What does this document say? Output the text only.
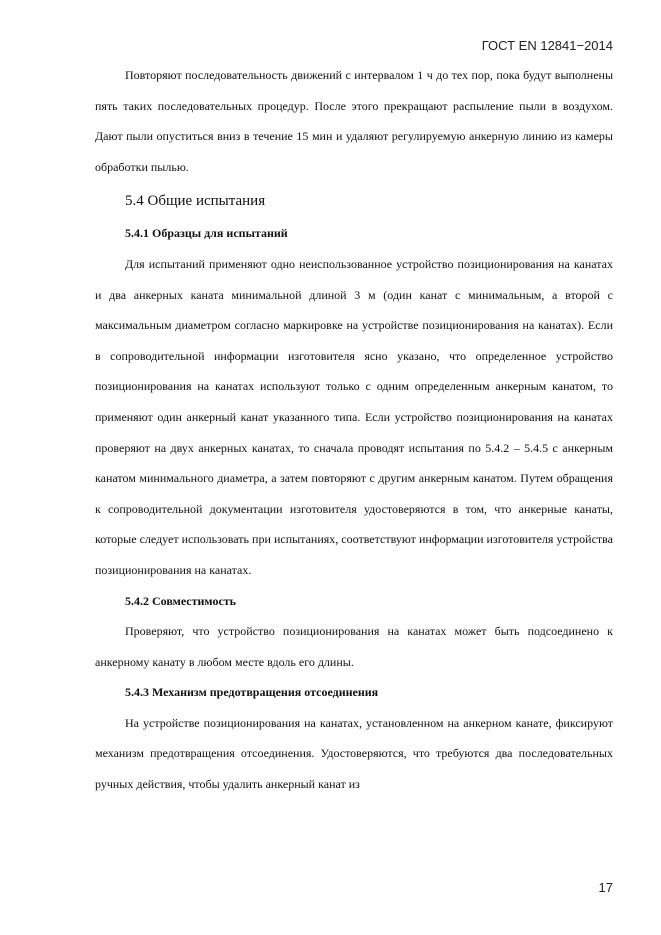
ГОСТ EN 12841−2014

Повторяют последовательность движений с интервалом 1 ч до тех пор, пока будут выполнены пять таких последовательных процедур. После этого прекращают распыление пыли в воздухом. Дают пыли опуститься вниз в течение 15 мин и удаляют регулируемую анкерную линию из камеры обработки пылью.

5.4 Общие испытания
5.4.1 Образцы для испытаний

Для испытаний применяют одно неиспользованное устройство позиционирования на канатах и два анкерных каната минимальной длиной 3 м (один канат с минимальным, а второй с максимальным диаметром согласно маркировке на устройстве позиционирования на канатах). Если в сопроводительной информации изготовителя ясно указано, что определенное устройство позиционирования на канатах используют только с одним определенным анкерным канатом, то применяют один анкерный канат указанного типа. Если устройство позиционирования на канатах проверяют на двух анкерных канатах, то сначала проводят испытания по 5.4.2 – 5.4.5 с анкерным канатом минимального диаметра, а затем повторяют с другим анкерным канатом. Путем обращения к сопроводительной документации изготовителя удостоверяются в том, что анкерные канаты, которые следует использовать при испытаниях, соответствуют информации изготовителя устройства позиционирования на канатах.

5.4.2 Совместимость

Проверяют, что устройство позиционирования на канатах может быть подсоединено к анкерному канату в любом месте вдоль его длины.

5.4.3 Механизм предотвращения отсоединения

На устройстве позиционирования на канатах, установленном на анкерном канате, фиксируют механизм предотвращения отсоединения. Удостоверяются, что требуются два последовательных ручных действия, чтобы удалить анкерный канат из

17
